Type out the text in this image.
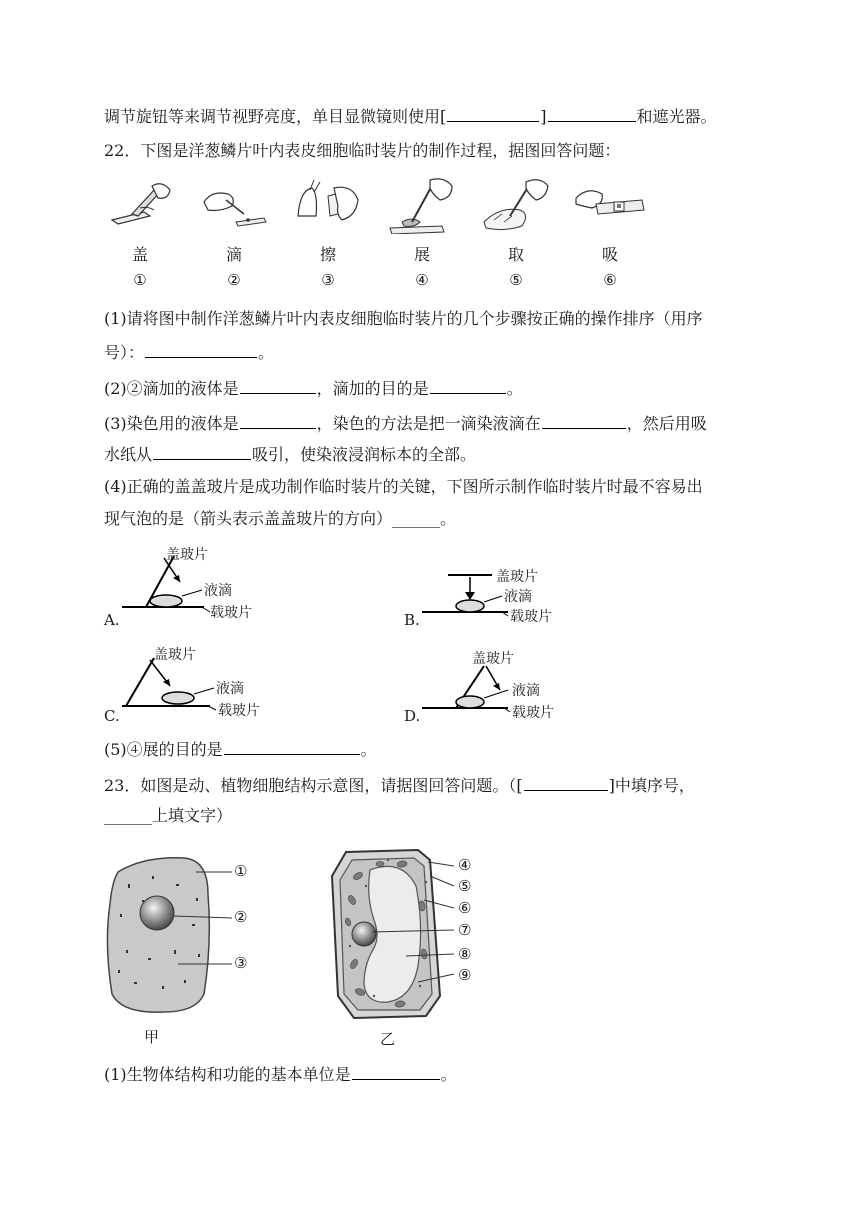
调节旋钮等来调节视野亮度，单目显微镜则使用[	]	和遮光器。
22．下图是洋葱鳞片叶内表皮细胞临时装片的制作过程，据图回答问题：
盖
①
滴
②
擦
③
展
④
取
⑤
吸
⑥
(1)请将图中制作洋葱鳞片叶内表皮细胞临时装片的几个步骤按正确的操作排序（用序
号）：	。
(2)②滴加的液体是	，滴加的目的是	。
(3)染色用的液体是	，染色的方法是把一滴染液滴在	，然后用吸
水纸从	吸引，使染液浸润标本的全部。
(4)正确的盖盖玻片是成功制作临时装片的关键，下图所示制作临时装片时最不容易出
现气泡的是（箭头表示盖盖玻片的方向）______。
A.
盖玻片
液滴
载玻片	B.
盖玻片
液滴
载玻片
C.
盖玻片
液滴
载玻片	D.
盖玻片
液滴
载玻片
(5)④展的目的是	。
23．如图是动、植物细胞结构示意图，请据图回答问题。（[	]中填序号，
______上填文字）
①
②
③
甲
④
⑤
⑥
⑦
⑧
⑨
乙
(1)生物体结构和功能的基本单位是	。
